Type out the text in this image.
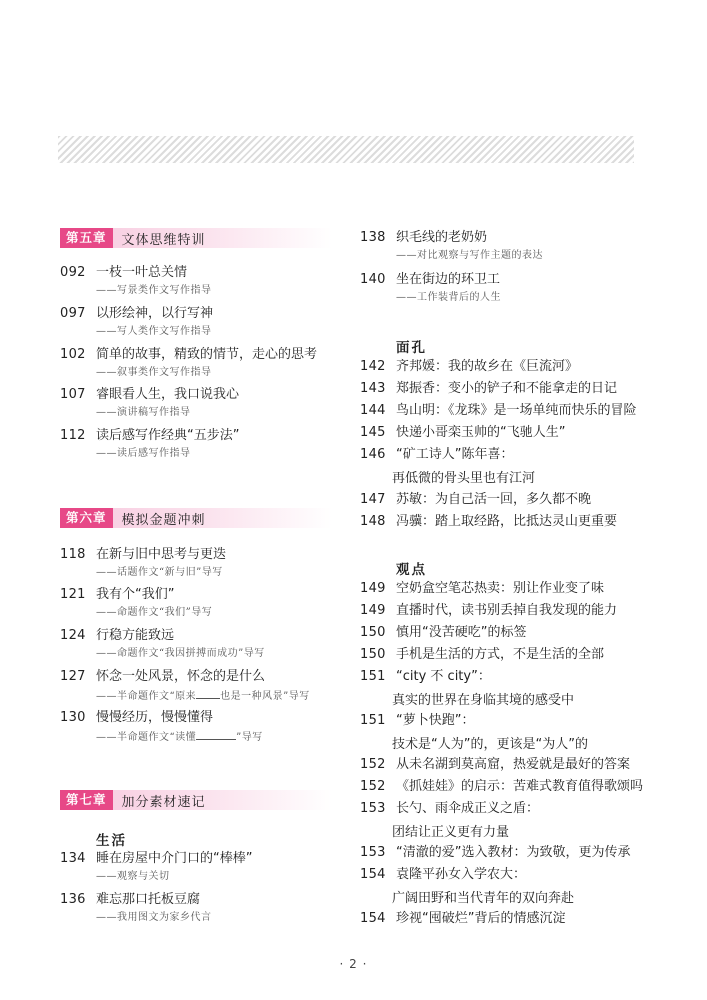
第五章	文体思维特训
092 一枝一叶总关情
——写景类作文写作指导
097 以形绘神，以行写神
——写人类作文写作指导
102 简单的故事，精致的情节，走心的思考
——叙事类作文写作指导
107 睿眼看人生，我口说我心
——演讲稿写作指导
112 读后感写作经典“五步法”
——读后感写作指导
第六章	模拟金题冲刺
118 在新与旧中思考与更迭
——话题作文“新与旧”导写
121 我有个“我们”
——命题作文“我们”导写
124 行稳方能致远
——命题作文“我因拼搏而成功”导写
127 怀念一处风景，怀念的是什么
——半命题作文“原来 也是一种风景”导写
130 慢慢经历，慢慢懂得
——半命题作文“读懂	”导写
第七章	加分素材速记
生活
134 睡在房屋中介门口的“棒棒”
——观察与关切
136 难忘那口托板豆腐
——我用图文为家乡代言
138 织毛线的老奶奶
——对比观察与写作主题的表达
140 坐在街边的环卫工
——工作装背后的人生
面孔
142 齐邦媛：我的故乡在《巨流河》
143 郑振香：变小的铲子和不能拿走的日记
144 鸟山明：《龙珠》是一场单纯而快乐的冒险
145 快递小哥栾玉帅的“飞驰人生”
146 “矿工诗人”陈年喜：
再低微的骨头里也有江河
147 苏敏：为自己活一回，多久都不晚
148 冯骥：踏上取经路，比抵达灵山更重要
观点
149 空奶盒空笔芯热卖：别让作业变了味
149 直播时代，读书别丢掉自我发现的能力
150 慎用“没苦硬吃”的标签
150 手机是生活的方式，不是生活的全部
151 “city 不 city”：
真实的世界在身临其境的感受中
151 “萝卜快跑”：
技术是“人为”的，更该是“为人”的
152 从未名湖到莫高窟，热爱就是最好的答案
152 《抓娃娃》的启示：苦难式教育值得歌颂吗
153 长勺、雨伞成正义之盾：
团结让正义更有力量
153 “清澈的爱”选入教材：为致敬，更为传承
154 袁隆平孙女入学农大：
广阔田野和当代青年的双向奔赴
154 珍视“囤破烂”背后的情感沉淀
· 2 ·
